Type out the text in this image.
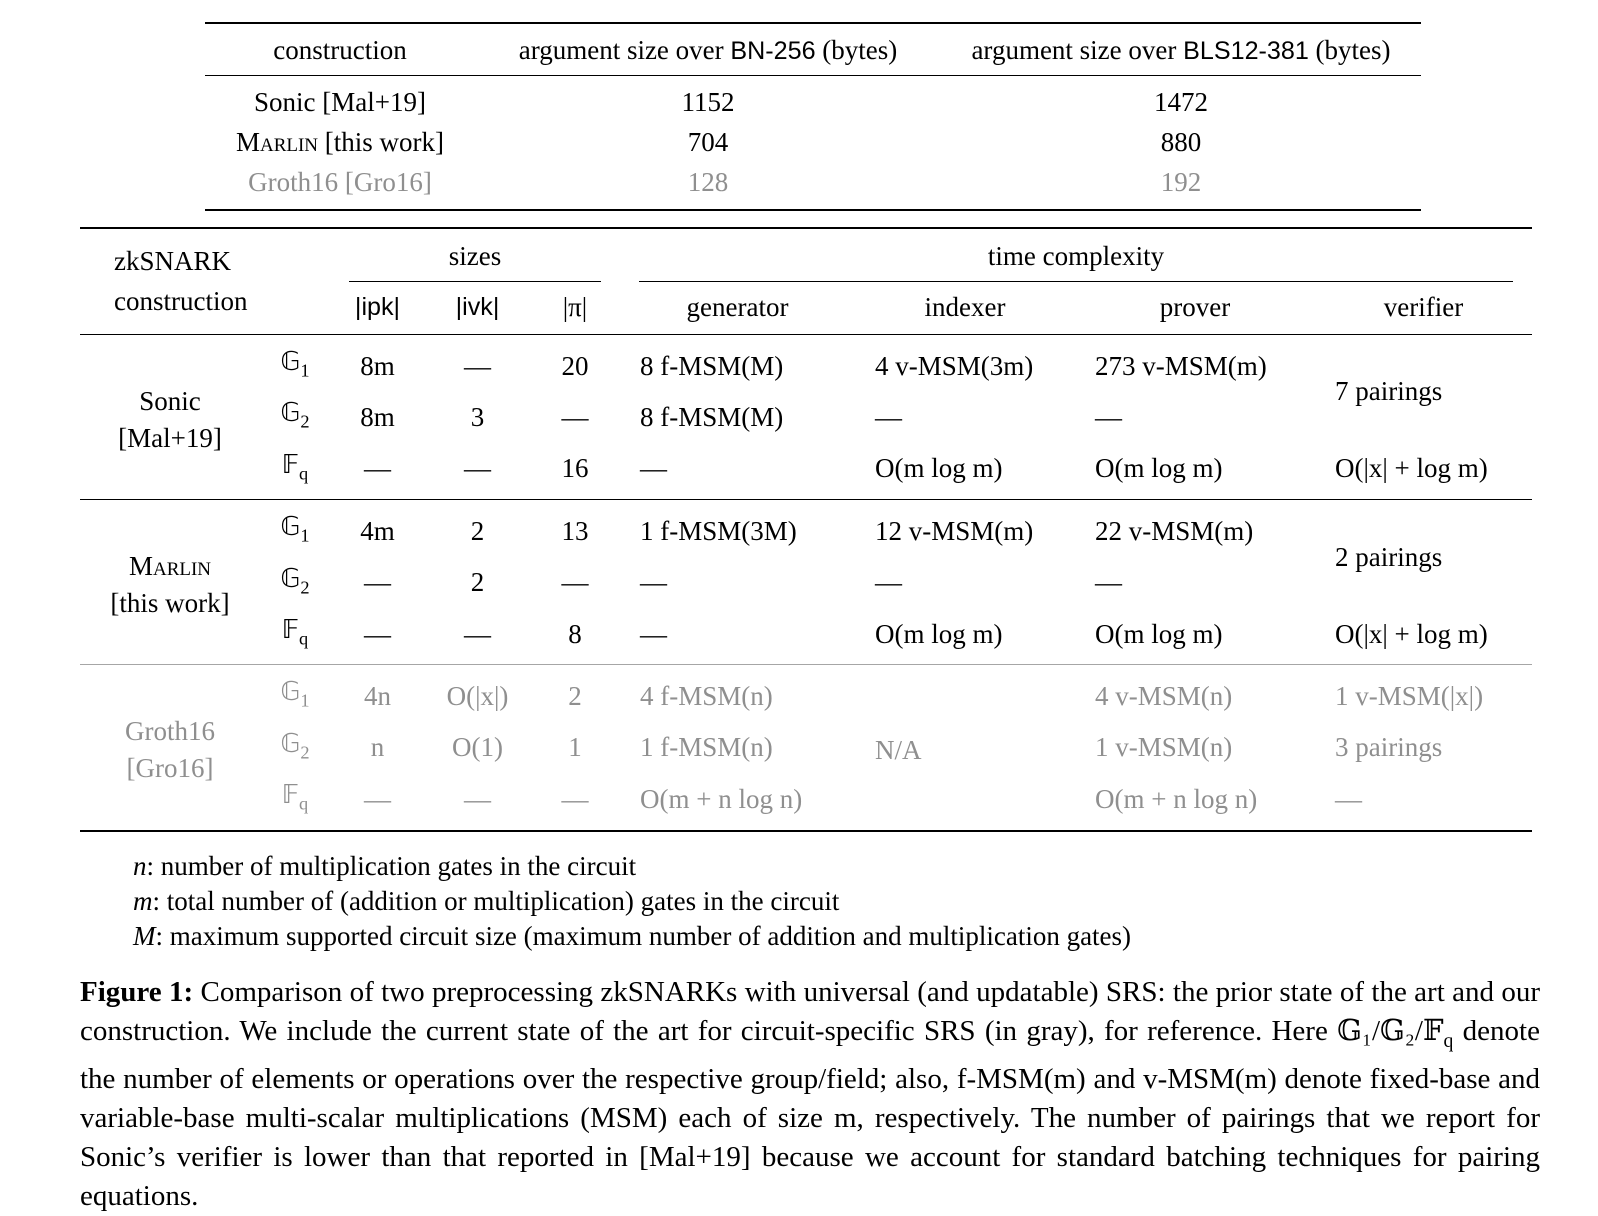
construction	argument size over BN-256 (bytes)	argument size over BLS12-381 (bytes)
Sonic [Mal+19]	1152	1472
Marlin [this work]	704	880
Groth16 [Gro16]	128	192
zkSNARK
construction		sizes			time complexity			

		|ipk|	|ivk|	|π|	generator	indexer	prover	verifier

Sonic
[Mal+19]	𝔾$_1$	8m	—	20	8 f-MSM(M)	4 v-MSM(3m)	273 v-MSM(m)	7 pairings
	𝔾$_2$	8m	3	—	8 f-MSM(M)	—	—	
	𝔽$_q$	—	—	16	—	O(m log m)	O(m log m)	O(|x| + log m)

Marlin
[this work]	𝔾$_1$	4m	2	13	1 f-MSM(3M)	12 v-MSM(m)	22 v-MSM(m)	2 pairings
	𝔾$_2$	—	2	—	—	—	—	
	𝔽$_q$	—	—	8	—	O(m log m)	O(m log m)	O(|x| + log m)

Groth16
[Gro16]	𝔾$_1$	4n	O(|x|)	2	4 f-MSM(n)	N/A	4 v-MSM(n)	1 v-MSM(|x|)
	𝔾$_2$	n	O(1)	1	1 f-MSM(n)		1 v-MSM(n)	3 pairings
	𝔽$_q$	—	—	—	O(m + n log n)		O(m + n log n)	—
n: number of multiplication gates in the circuit
m: total number of (addition or multiplication) gates in the circuit
M: maximum supported circuit size (maximum number of addition and multiplication gates)

Figure 1: Comparison of two preprocessing zkSNARKs with universal (and updatable) SRS: the prior state of the art and our construction. We include the current state of the art for circuit-specific SRS (in gray), for reference. Here 𝔾₁/𝔾₂/𝔽$_q$ denote the number of elements or operations over the respective group/field; also, f-MSM(m) and v-MSM(m) denote fixed-base and variable-base multi-scalar multiplications (MSM) each of size m, respectively. The number of pairings that we report for Sonic’s verifier is lower than that reported in [Mal+19] because we account for standard batching techniques for pairing equations.
